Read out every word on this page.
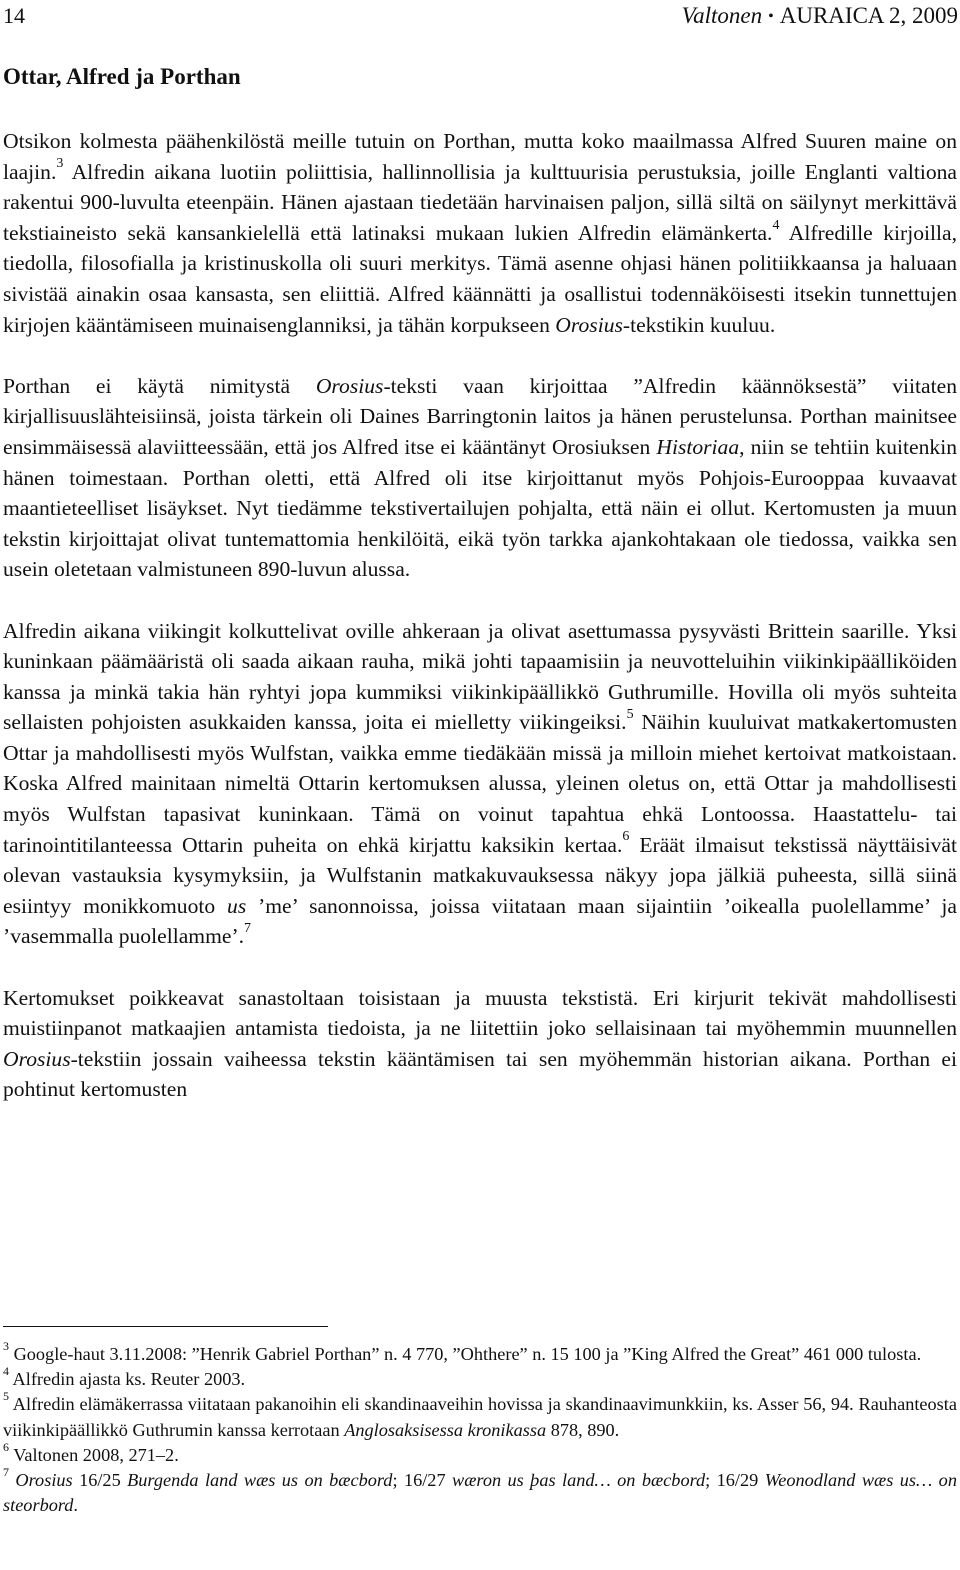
14	Valtonen • AURAICA 2, 2009
Ottar, Alfred ja Porthan

Otsikon kolmesta päähenkilöstä meille tutuin on Porthan, mutta koko maailmassa Alfred Suuren maine on laajin.$^3$ Alfredin aikana luotiin poliittisia, hallinnollisia ja kulttuurisia perustuksia, joille Englanti valtiona rakentui 900-luvulta eteenpäin. Hänen ajastaan tiedetään harvinaisen paljon, sillä siltä on säilynyt merkittävä tekstiaineisto sekä kansankielellä että latinaksi mukaan lukien Alfredin elämänkerta.$^4$ Alfredille kirjoilla, tiedolla, filosofialla ja kristinuskolla oli suuri merkitys. Tämä asenne ohjasi hänen politiikkaansa ja haluaan sivistää ainakin osaa kansasta, sen eliittiä. Alfred käännätti ja osallistui todennäköisesti itsekin tunnettujen kirjojen kääntämiseen muinaisenglanniksi, ja tähän korpukseen Orosius-tekstikin kuuluu.

Porthan ei käytä nimitystä Orosius-teksti vaan kirjoittaa ”Alfredin käännöksestä” viitaten kirjallisuuslähteisiinsä, joista tärkein oli Daines Barringtonin laitos ja hänen perustelunsa. Porthan mainitsee ensimmäisessä alaviitteessään, että jos Alfred itse ei kääntänyt Orosiuksen Historiaa, niin se tehtiin kuitenkin hänen toimestaan. Porthan oletti, että Alfred oli itse kirjoittanut myös Pohjois-Eurooppaa kuvaavat maantieteelliset lisäykset. Nyt tiedämme tekstivertailujen pohjalta, että näin ei ollut. Kertomusten ja muun tekstin kirjoittajat olivat tuntemattomia henkilöitä, eikä työn tarkka ajankohtakaan ole tiedossa, vaikka sen usein oletetaan valmistuneen 890-luvun alussa.

Alfredin aikana viikingit kolkuttelivat oville ahkeraan ja olivat asettumassa pysyvästi Brittein saarille. Yksi kuninkaan päämääristä oli saada aikaan rauha, mikä johti tapaamisiin ja neuvotteluihin viikinkipäälliköiden kanssa ja minkä takia hän ryhtyi jopa kummiksi viikinkipäällikkö Guthrumille. Hovilla oli myös suhteita sellaisten pohjoisten asukkaiden kanssa, joita ei mielletty viikingeiksi.$^5$ Näihin kuuluivat matkakertomusten Ottar ja mahdollisesti myös Wulfstan, vaikka emme tiedäkään missä ja milloin miehet kertoivat matkoistaan. Koska Alfred mainitaan nimeltä Ottarin kertomuksen alussa, yleinen oletus on, että Ottar ja mahdollisesti myös Wulfstan tapasivat kuninkaan. Tämä on voinut tapahtua ehkä Lontoossa. Haastattelu- tai tarinointitilanteessa Ottarin puheita on ehkä kirjattu kaksikin kertaa.$^6$ Eräät ilmaisut tekstissä näyttäisivät olevan vastauksia kysymyksiin, ja Wulfstanin matkakuvauksessa näkyy jopa jälkiä puheesta, sillä siinä esiintyy monikkomuoto us ’me’ sanonnoissa, joissa viitataan maan sijaintiin ’oikealla puolellamme’ ja ’vasemmalla puolellamme’.$^7$

Kertomukset poikkeavat sanastoltaan toisistaan ja muusta tekstistä. Eri kirjurit tekivät mahdollisesti muistiinpanot matkaajien antamista tiedoista, ja ne liitettiin joko sellaisinaan tai myöhemmin muunnellen Orosius-tekstiin jossain vaiheessa tekstin kääntämisen tai sen myöhemmän historian aikana. Porthan ei pohtinut kertomusten

$^3$ Google-haut 3.11.2008: ”Henrik Gabriel Porthan” n. 4 770, ”Ohthere” n. 15 100 ja ”King Alfred the Great” 461 000 tulosta.

$^4$ Alfredin ajasta ks. Reuter 2003.

$^5$ Alfredin elämäkerrassa viitataan pakanoihin eli skandinaaveihin hovissa ja skandinaavimunkkiin, ks. Asser 56, 94. Rauhanteosta viikinkipäällikkö Guthrumin kanssa kerrotaan Anglosaksisessa kronikassa 878, 890.

$^6$ Valtonen 2008, 271–2.

$^7$ Orosius 16/25 Burgenda land wæs us on bæcbord; 16/27 wæron us þas land… on bæcbord; 16/29 Weonodland wæs us… on steorbord.
